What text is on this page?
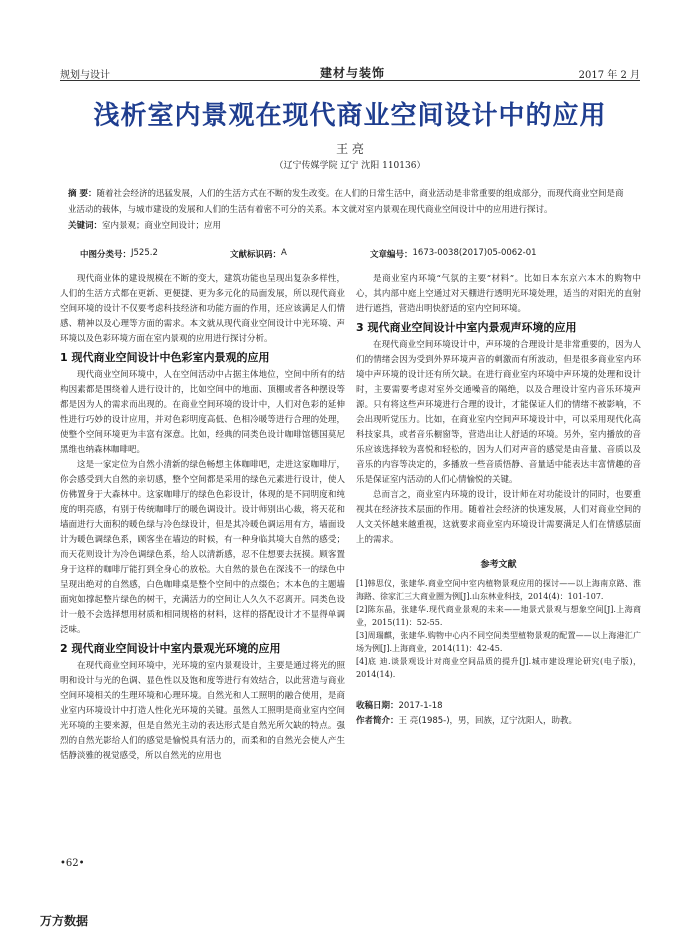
规划与设计	建材与装饰	2017 年 2 月
浅析室内景观在现代商业空间设计中的应用
王 亮
（辽宁传媒学院 辽宁 沈阳 110136）
摘 要：随着社会经济的迅猛发展，人们的生活方式在不断的发生改变。在人们的日常生活中，商业活动是非常重要的组成部分，而现代商业空间是商业活动的载体，与城市建设的发展和人们的生活有着密不可分的关系。本文就对室内景观在现代商业空间设计中的应用进行探讨。
关键词：室内景观；商业空间设计；应用
中图分类号： J525.2	文献标识码： A	文章编号： 1673-0038(2017)05-0062-01

现代商业体的建设规模在不断的变大，建筑功能也呈现出复杂多样性，人们的生活方式都在更新、更便捷、更为多元化的局面发展，所以现代商业空间环境的设计不仅要考虑科技经济和功能方面的作用，还应该满足人们情感、精神以及心理等方面的需求。本文就从现代商业空间设计中光环境、声环境以及色彩环境方面在室内景观的应用进行探讨分析。

1 现代商业空间设计中色彩室内景观的应用

现代商业空间环境中，人在空间活动中占据主体地位，空间中所有的结构因素都是围绕着人进行设计的，比如空间中的地面、顶棚或者各种摆设等都是因为人的需求而出现的。在商业空间环境的设计中，人们对色彩的延伸性进行巧妙的设计应用，并对色彩明度高低、色相冷暖等进行合理的处理，使整个空间环境更为丰富有深意。比如，经典的同类色设计咖啡馆德国莫尼黑维也纳森林咖啡吧。

这是一家定位为自然小清新的绿色畅想主体咖啡吧，走进这家咖啡厅，你会感受到大自然的亲切感，整个空间都是采用的绿色元素进行设计，使人仿佛置身于大森林中。这家咖啡厅的绿色色彩设计，体现的是不同明度和纯度的明亮感，有别于传统咖啡厅的暖色调设计。设计师别出心裁，将天花和墙面进行大面积的暖色绿与冷色绿设计，但是其冷暖色调运用有方，墙面设计为暖色调绿色系，顾客坐在墙边的时候，有一种身临其境大自然的感受；而天花则设计为冷色调绿色系，给人以清新感，忍不住想要去抚摸。顾客置身于这样的咖啡厅能打到全身心的放松。大自然的景色在深浅不一的绿色中呈现出绝对的自然感，白色咖啡桌是整个空间中的点缀色；木本色的主题墙面宛如撑起整片绿色的树干，充满活力的空间让人久久不忍离开。同类色设计一般不会选择想用材质和相同规格的材料，这样的搭配设计才不显得单调泛味。

2 现代商业空间设计中室内景观光环境的应用

在现代商业空间环境中，光环境的室内景观设计，主要是通过将光的照明和设计与光的色调、显色性以及饱和度等进行有效结合，以此营造与商业空间环境相关的生理环境和心理环境。自然光和人工照明的融合使用，是商业室内环境设计中打造人性化光环境的关键。虽然人工照明是商业室内空间光环境的主要来源，但是自然光主动的表达形式是自然光所欠缺的特点。强烈的自然光影给人们的感觉是愉悦具有活力的，而柔和的自然光会使人产生恬静淡雅的视觉感受，所以自然光的应用也

是商业室内环境“气氛的主要”材料”。比如日本东京六本木的购物中心，其内部中庭上空通过对天棚进行透明光环境处理，适当的对阳光的直射进行遮挡，营造出明快舒适的室内空间环境。

3 现代商业空间设计中室内景观声环境的应用

在现代商业空间环境设计中，声环境的合理设计是非常重要的，因为人们的情绪会因为受到外界环境声音的刺激而有所波动，但是很多商业室内环境中声环境的设计还有所欠缺。在进行商业室内环境中声环境的处理和设计时，主要需要考虑对室外交通噪音的隔绝，以及合理设计室内音乐环境声源。只有将这些声环境进行合理的设计，才能保证人们的情绪不被影响，不会出现听觉压力。比如，在商业室内空间声环境设计中，可以采用现代化高科技家具，或者音乐橱窗等，营造出让人舒适的环境。另外，室内播放的音乐应该选择较为喜悦和轻松的，因为人们对声音的感觉是由音量、音质以及音乐的内容等决定的，多播放一些音质悟静、音量适中能表达丰富情趣的音乐是保证室内活动的人们心情愉悦的关键。

总而言之，商业室内环境的设计，设计师在对功能设计的同时，也要重视其在经济技术层面的作用。随着社会经济的快速发展，人们对商业空间的人文关怀越来越重视，这就要求商业室内环境设计需要满足人们在情感层面上的需求。

参考文献

[1]韩思仪，张建华.商业空间中室内植物景观应用的探讨——以上海南京路、淮海路、徐家汇三大商业圈为例[J].山东林业科技，2014(4)：101-107.

[2]陈东晶，张建华.现代商业景观的未来——地景式景观与想象空间[J].上海商业，2015(11)：52-55.

[3]周瑞麒，张建华.购物中心内不同空间类型植物景观的配置——以上海港汇广场为例[J].上海商业，2014(11)：42-45.

[4]底 迪.谈景观设计对商业空间品质的提升[J].城市建设理论研究(电子版)，2014(14).

收稿日期：2017-1-18

作者简介：王 亮(1985-)，男，回族，辽宁沈阳人，助教。

•62•
万方数据
